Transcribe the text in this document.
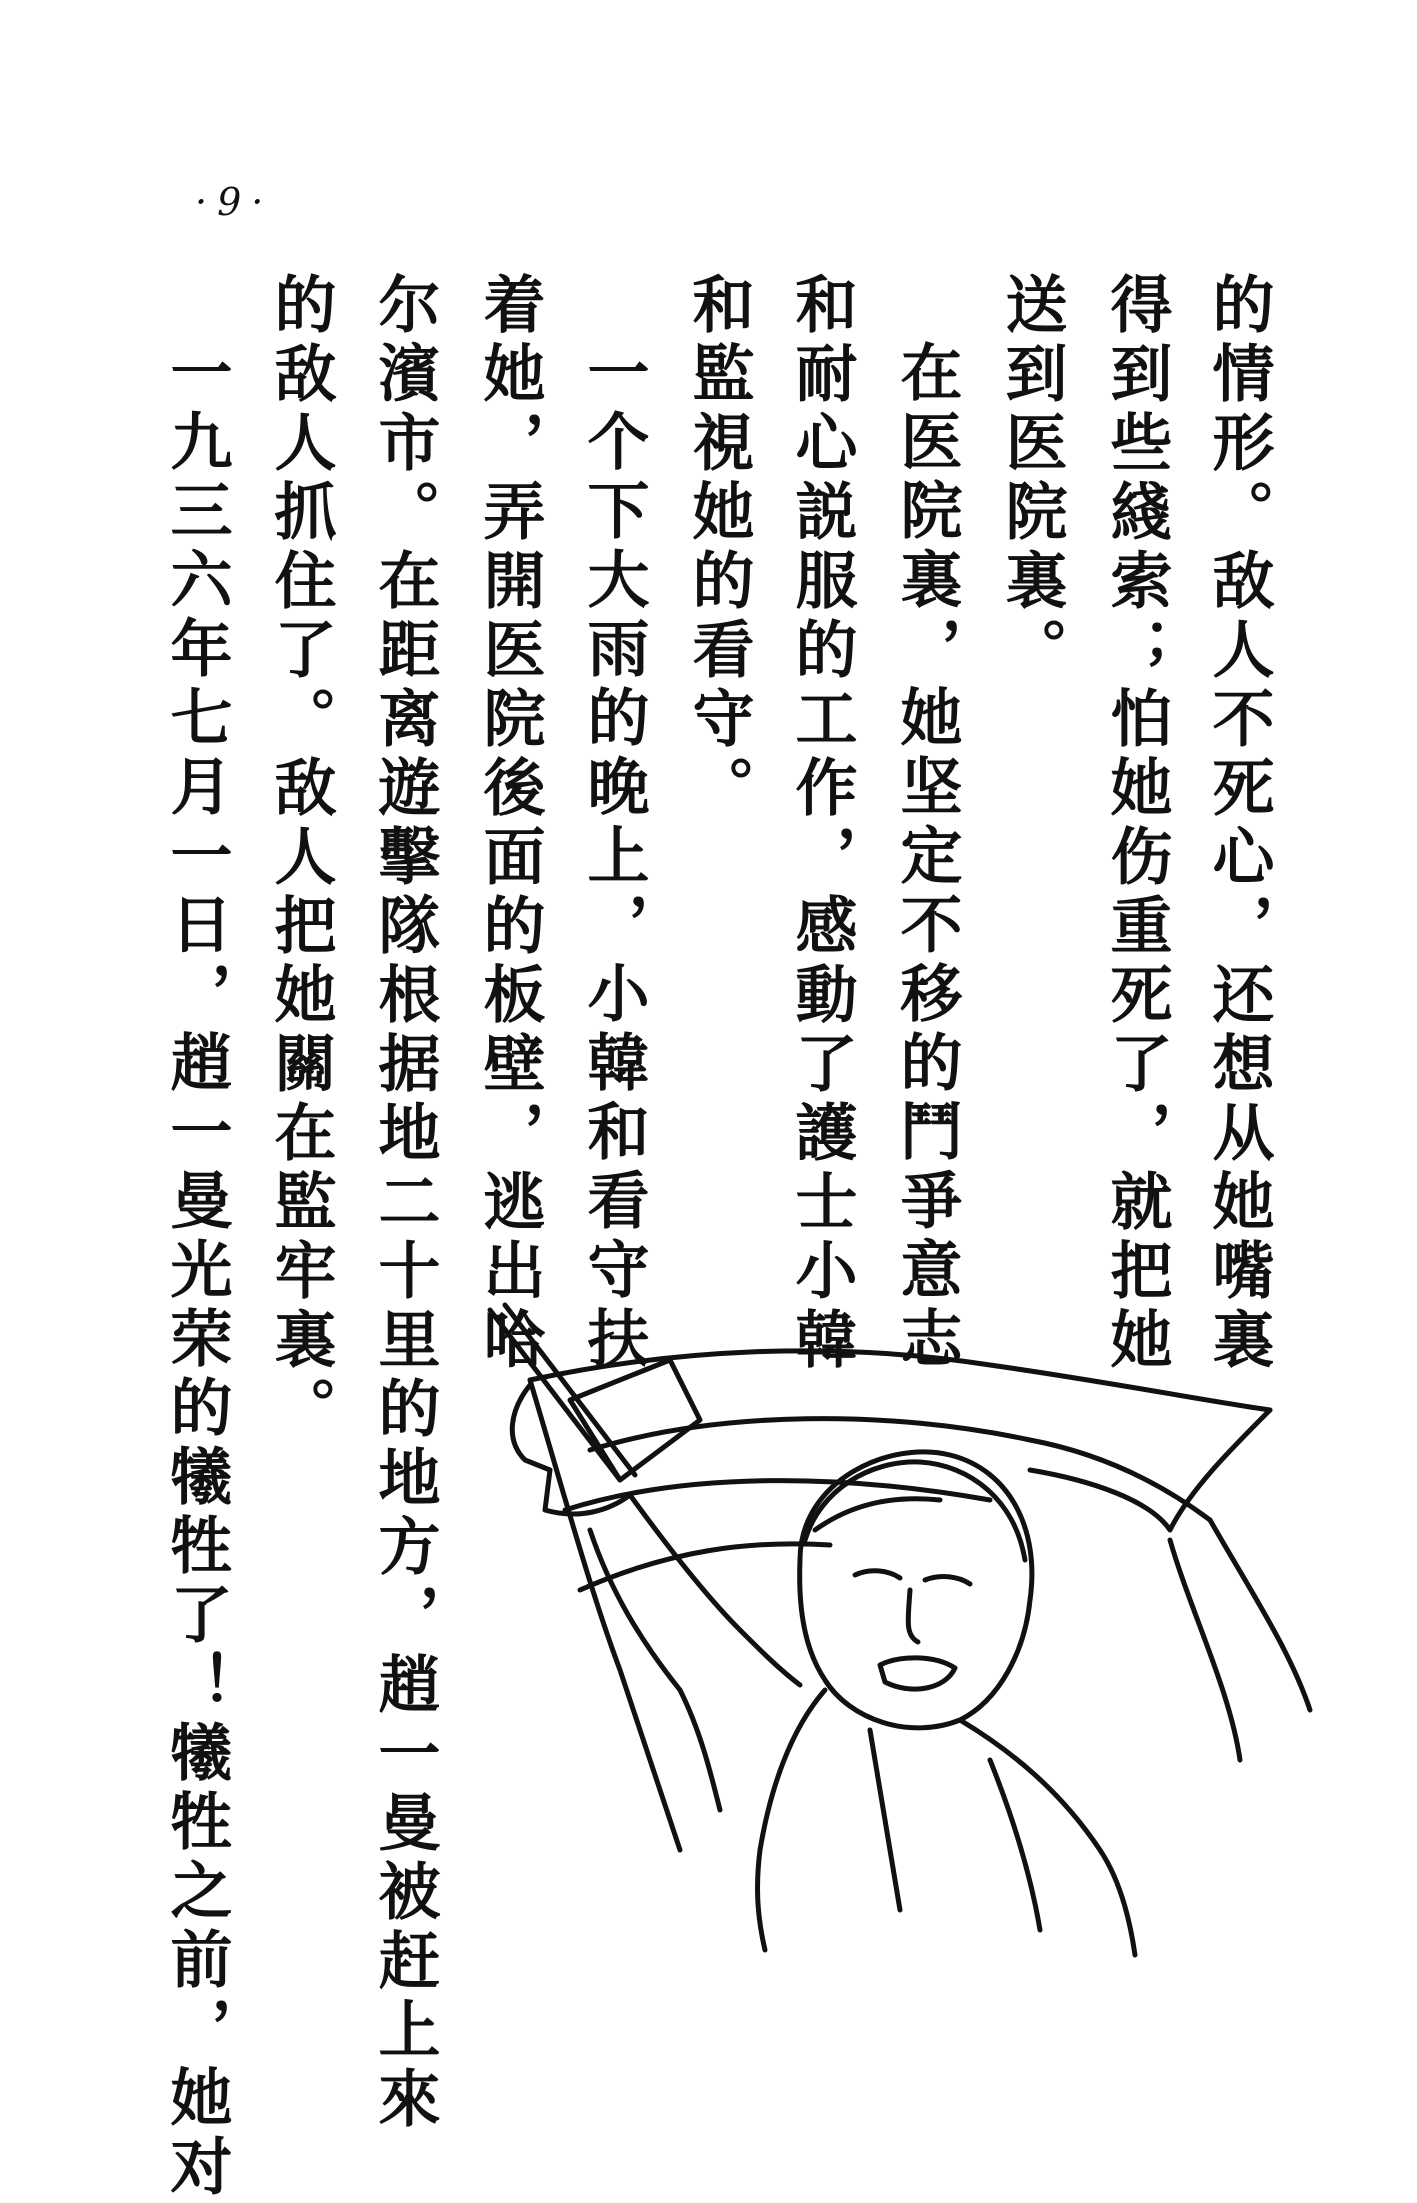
·9·
的情形。敌人不死心，还想从她嘴裏
得到些綫索；怕她伤重死了，就把她
送到医院裏。
在医院裏，她坚定不移的鬥爭意志
和耐心説服的工作，感動了護士小韓
和監視她的看守。
一个下大雨的晚上，小韓和看守扶
着她，弄開医院後面的板壁，逃出哈
尔濱市。在距离遊擊隊根据地二十里的地方，趙一曼被赶上來
的敌人抓住了。敌人把她關在監牢裏。
一九三六年七月一日，趙一曼光荣的犧牲了！犧牲之前，她对
